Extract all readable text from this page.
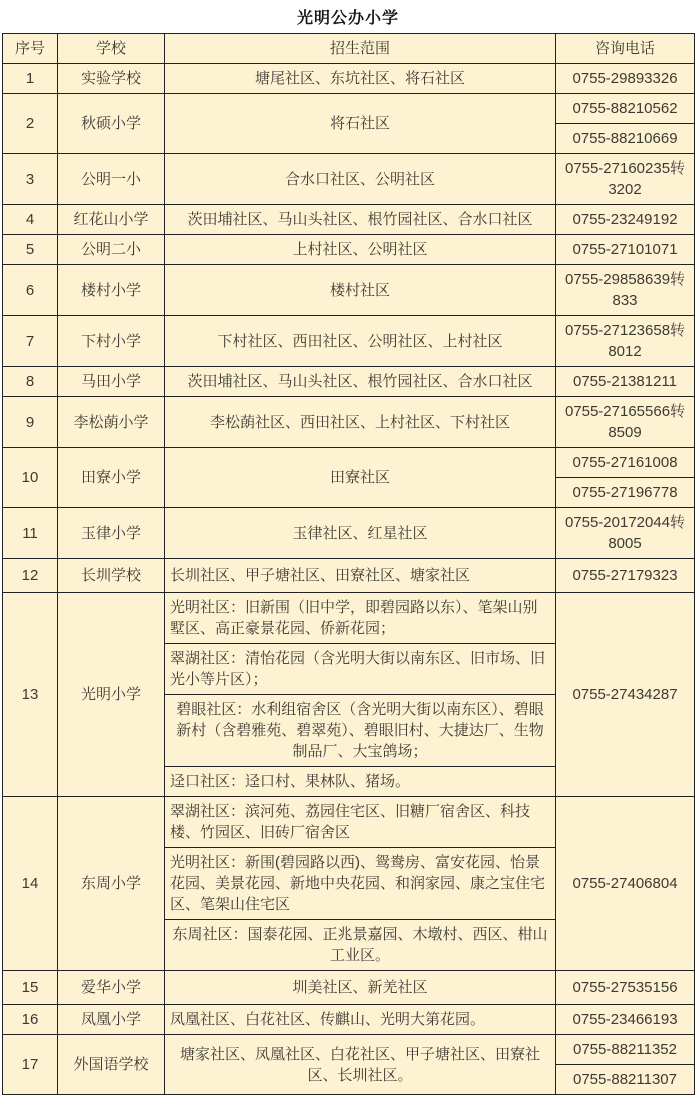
光明公办小学
序号	学校	招生范围	咨询电话
1	实验学校	塘尾社区、东坑社区、将石社区	0755-29893326
2	秋硕小学	将石社区	0755-88210562
			0755-88210669
3	公明一小	合水口社区、公明社区	0755-27160235转3202
4	红花山小学	茨田埔社区、马山头社区、根竹园社区、合水口社区	0755-23249192
5	公明二小	上村社区、公明社区	0755-27101071
6	楼村小学	楼村社区	0755-29858639转833
7	下村小学	下村社区、西田社区、公明社区、上村社区	0755-27123658转8012
8	马田小学	茨田埔社区、马山头社区、根竹园社区、合水口社区	0755-21381211
9	李松蓢小学	李松蓢社区、西田社区、上村社区、下村社区	0755-27165566转8509
10	田寮小学	田寮社区	0755-27161008
			0755-27196778
11	玉律小学	玉律社区、红星社区	0755-20172044转8005
12	长圳学校	长圳社区、甲子塘社区、田寮社区、塘家社区	0755-27179323
13	光明小学	光明社区：旧新围（旧中学，即碧园路以东）、笔架山别墅区、高正豪景花园、侨新花园；	0755-27434287
		翠湖社区：清怡花园（含光明大街以南东区、旧市场、旧光小等片区）；	
		碧眼社区：水利组宿舍区（含光明大街以南东区）、碧眼新村（含碧雅苑、碧翠苑）、碧眼旧村、大捷达厂、生物制品厂、大宝鸽场；	
		迳口社区：迳口村、果林队、猪场。	
14	东周小学	翠湖社区：滨河苑、荔园住宅区、旧糖厂宿舍区、科技楼、竹园区、旧砖厂宿舍区	0755-27406804
		光明社区：新围(碧园路以西)、鸳鸯房、富安花园、怡景花园、美景花园、新地中央花园、和润家园、康之宝住宅区、笔架山住宅区	
		东周社区：国泰花园、正兆景嘉园、木墩村、西区、柑山工业区。	
15	爱华小学	圳美社区、新羌社区	0755-27535156
16	凤凰小学	凤凰社区、白花社区、传麒山、光明大第花园。	0755-23466193
17	外国语学校	塘家社区、凤凰社区、白花社区、甲子塘社区、田寮社区、长圳社区。	0755-88211352
			0755-88211307
